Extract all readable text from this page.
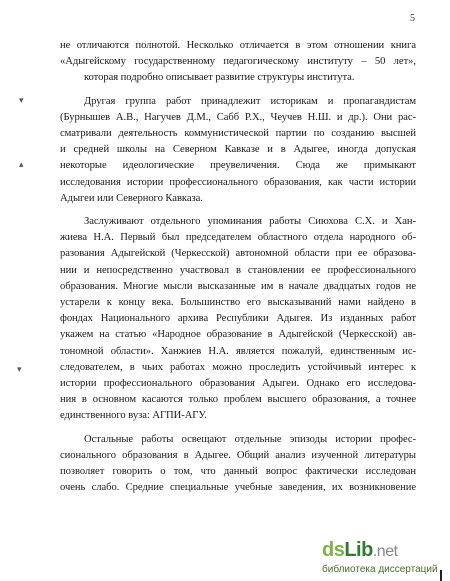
5
▾
▴
▾
не отличаются полнотой. Несколько отличается в этом отношении книга
«Адыгейскому государственному педагогическому институту – 50 лет»,
которая подробно описывает развитие структуры института.
Другая группа работ принадлежит историкам и пропагандистам
(Бурнышев А.В., Нагучев Д.М., Сабб Р.Х., Чеучев Н.Ш. и др.). Они рас-
сматривали деятельность коммунистической партии по созданию высшей
и средней школы на Северном Кавказе и в Адыгее, иногда допуская
некоторые идеологические преувеличения. Сюда же примыкают
исследования истории профессионального образования, как части истории
Адыгеи или Северного Кавказа.
Заслуживают отдельного упоминания работы Сиюхова С.Х. и Хан-
жиева Н.А. Первый был председателем областного отдела народного об-
разования Адыгейской (Черкесской) автономной области при ее образова-
нии и непосредственно участвовал в становлении ее профессионального
образования. Многие мысли высказанные им в начале двадцатых годов не
устарели к концу века. Большинство его высказываний нами найдено в
фондах Национального архива Республики Адыгея. Из изданных работ
укажем на статью «Народное образование в Адыгейской (Черкесской) ав-
тономной области». Ханжиев Н.А. является пожалуй, единственным ис-
следователем, в чьих работах можно проследить устойчивый интерес к
истории профессионального образования Адыгеи. Однако его исследова-
ния в основном касаются только проблем высшего образования, а точнее
единственного вуза: АГПИ-АГУ.
Остальные работы освещают отдельные эпизоды истории профес-
сионального образования в Адыгее. Общий анализ изученной литературы
позволяет говорить о том, что данный вопрос фактически исследован
очень слабо. Средние специальные учебные заведения, их возникновение
dsLib.net
библиотека диссертаций
